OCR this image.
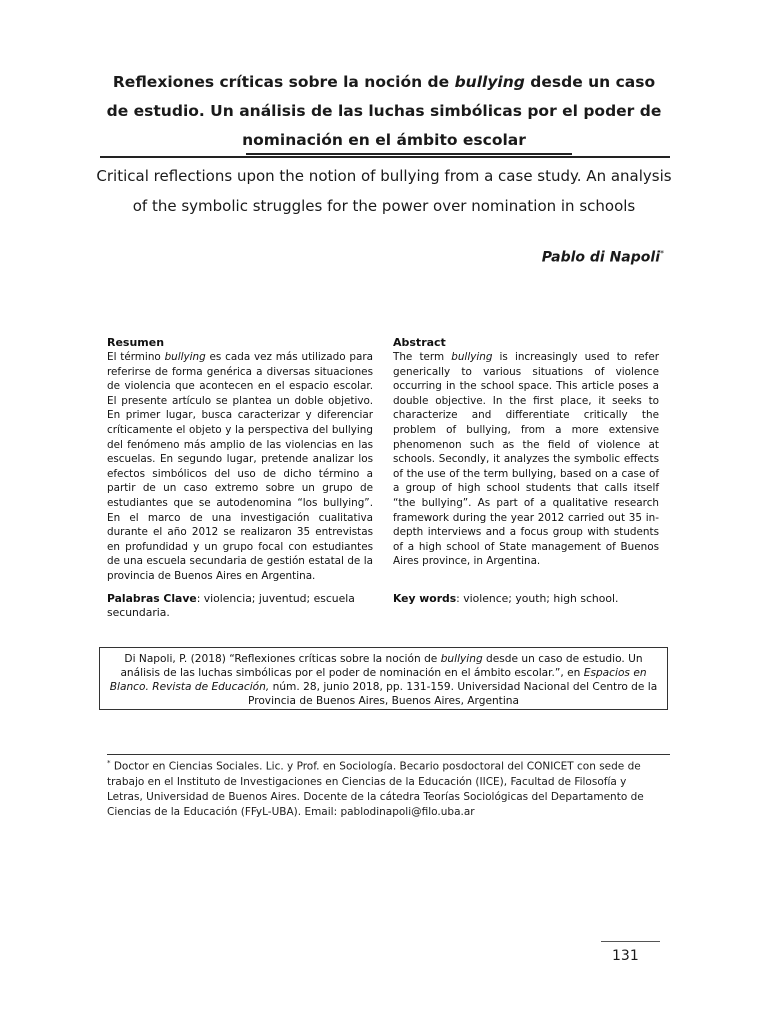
Reflexiones críticas sobre la noción de bullying desde un caso de estudio. Un análisis de las luchas simbólicas por el poder de nominación en el ámbito escolar
Critical reflections upon the notion of bullying from a case study. An analysis of the symbolic struggles for the power over nomination in schools
Pablo di Napoli*
Resumen
El término bullying es cada vez más utilizado para referirse de forma genérica a diversas situaciones de violencia que acontecen en el espacio escolar. El presente artículo se plantea un doble objetivo. En primer lugar, busca caracterizar y diferenciar críticamente el objeto y la perspectiva del bullying del fenómeno más amplio de las violencias en las escuelas. En segundo lugar, pretende analizar los efectos simbólicos del uso de dicho término a partir de un caso extremo sobre un grupo de estudiantes que se autodenomina “los bullying”. En el marco de una investigación cualitativa durante el año 2012 se realizaron 35 entrevistas en profundidad y un grupo focal con estudiantes de una escuela secundaria de gestión estatal de la provincia de Buenos Aires en Argentina.
Abstract
The term bullying is increasingly used to refer generically to various situations of violence occurring in the school space. This article poses a double objective. In the first place, it seeks to characterize and differentiate critically the problem of bullying, from a more extensive phenomenon such as the field of violence at schools. Secondly, it analyzes the symbolic effects of the use of the term bullying, based on a case of a group of high school students that calls itself “the bullying”. As part of a qualitative research framework during the year 2012 carried out 35 in-depth interviews and a focus group with students of a high school of State management of Buenos Aires province, in Argentina.
Palabras Clave: violencia; juventud; escuela secundaria.
Key words: violence; youth; high school.
Di Napoli, P. (2018) “Reflexiones críticas sobre la noción de bullying desde un caso de estudio. Un análisis de las luchas simbólicas por el poder de nominación en el ámbito escolar.”, en Espacios en Blanco. Revista de Educación, núm. 28, junio 2018, pp. 131-159. Universidad Nacional del Centro de la Provincia de Buenos Aires, Buenos Aires, Argentina
* Doctor en Ciencias Sociales. Lic. y Prof. en Sociología. Becario posdoctoral del CONICET con sede de trabajo en el Instituto de Investigaciones en Ciencias de la Educación (IICE), Facultad de Filosofía y Letras, Universidad de Buenos Aires. Docente de la cátedra Teorías Sociológicas del Departamento de Ciencias de la Educación (FFyL-UBA). Email: pablodinapoli@filo.uba.ar
131
